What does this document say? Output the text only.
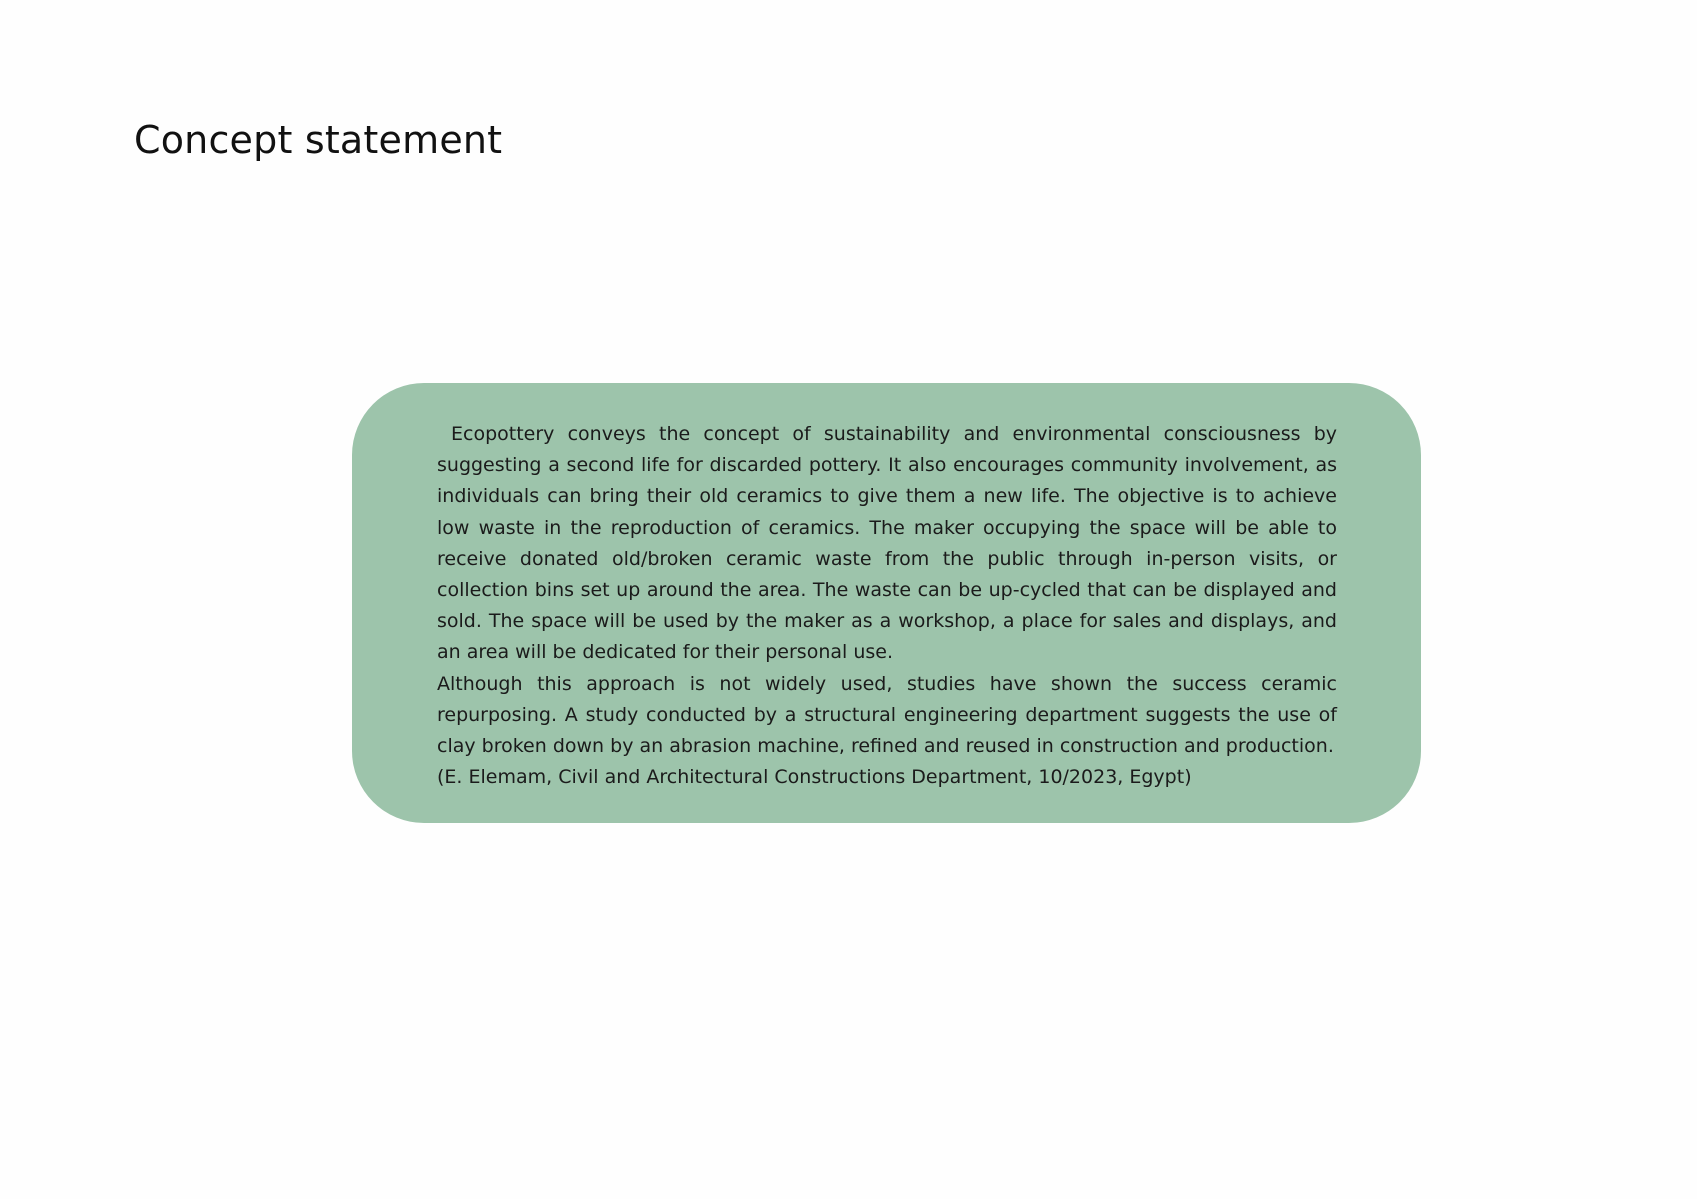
Concept statement

Ecopottery conveys the concept of sustainability and environmental consciousness by suggesting a second life for discarded pottery. It also encourages community involvement, as individuals can bring their old ceramics to give them a new life. The objective is to achieve low waste in the reproduction of ceramics. The maker occupying the space will be able to receive donated old/broken ceramic waste from the public through in-person visits, or collection bins set up around the area. The waste can be up-cycled that can be displayed and sold. The space will be used by the maker as a workshop, a place for sales and displays, and an area will be dedicated for their personal use.

Although this approach is not widely used, studies have shown the success ceramic repurposing. A study conducted by a structural engineering department suggests the use of clay broken down by an abrasion machine, refined and reused in construction and production.

(E. Elemam, Civil and Architectural Constructions Department, 10/2023, Egypt)
